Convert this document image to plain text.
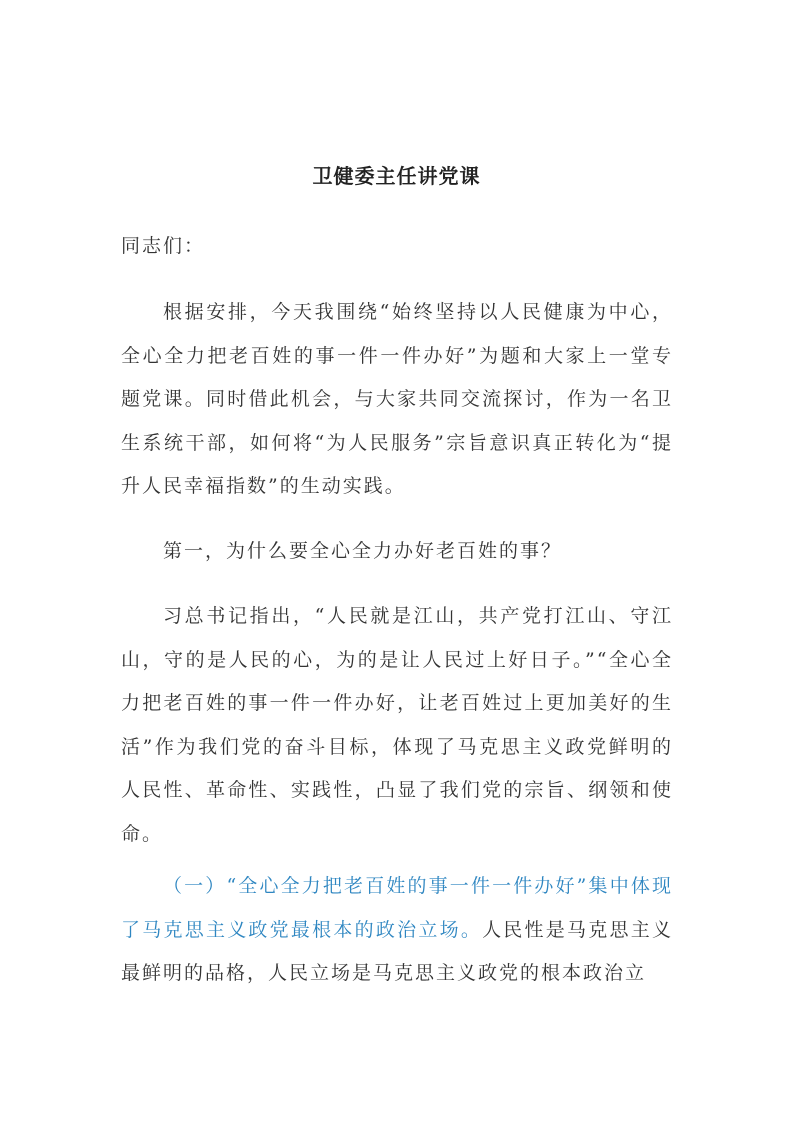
卫健委主任讲党课
同志们：
根据安排，今天我围绕“始终坚持以人民健康为中心，全心全力把老百姓的事一件一件办好”为题和大家上一堂专题党课。同时借此机会，与大家共同交流探讨，作为一名卫生系统干部，如何将“为人民服务”宗旨意识真正转化为“提升人民幸福指数”的生动实践。
第一，为什么要全心全力办好老百姓的事？
习总书记指出，“人民就是江山，共产党打江山、守江山，守的是人民的心，为的是让人民过上好日子。”“全心全力把老百姓的事一件一件办好，让老百姓过上更加美好的生活”作为我们党的奋斗目标，体现了马克思主义政党鲜明的人民性、革命性、实践性，凸显了我们党的宗旨、纲领和使命。
（一）“全心全力把老百姓的事一件一件办好”集中体现了马克思主义政党最根本的政治立场。人民性是马克思主义最鲜明的品格，人民立场是马克思主义政党的根本政治立
